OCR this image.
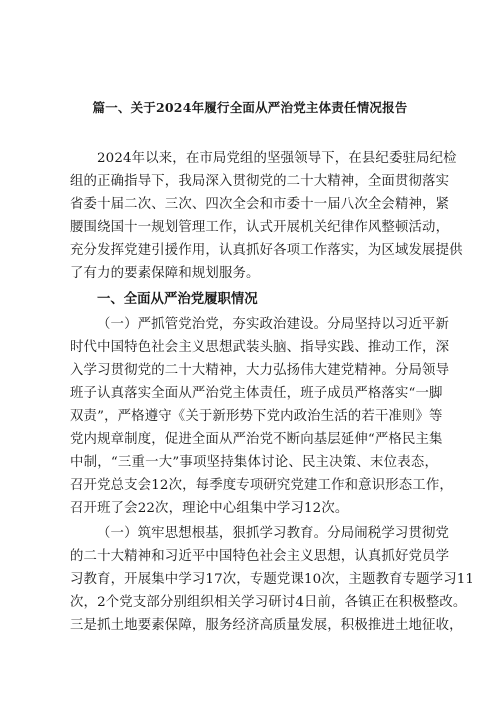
篇一、关于2024年履行全面从严治党主体责任情况报告
2024年以来，在市局党组的坚强领导下，在县纪委驻局纪检
组的正确指导下，我局深入贯彻党的二十大精神，全面贯彻落实
省委十届二次、三次、四次全会和市委十一届八次全会精神，紧
腰围绕国十一规划管理工作，认式开展机关纪律作风整顿活动，
充分发挥党建引援作用，认真抓好各项工作落实，为区域发展提供
了有力的要素保障和规划服务。
一、全面从严治党履职情况
（一）严抓管党治党，夯实政治建设。分局坚持以习近平新
时代中国特色社会主义思想武装头脑、指导实践、推动工作，深
入学习贯彻党的二十大精神，大力弘扬伟大建党精神。分局领导
班子认真落实全面从严治党主体责任，班子成员严格落实“一脚
双责”，严格遵守《关于新形势下党内政治生活的若干准则》等
党内规章制度，促进全面从严治党不断向基层延伸“严格民主集
中制，“三重一大”事项坚持集体讨论、民主决策、末位表态，
召开党总支会12次，每季度专项研究党建工作和意识形态工作，
召开班了会22次，理论中心组集中学习12次。
（一）筑牢思想根基，狠抓学习教育。分局闹税学习贯彻党
的二十大精神和习近平中国特色社会主义思想，认真抓好党员学
习教育，开展集中学习17次，专题党课10次，主题教育专题学习11
次，2个党支部分别组织相关学习研讨4日前，各镇正在积极整改。
三是抓土地要素保障，服务经济高质量发展，积极推进土地征收，
